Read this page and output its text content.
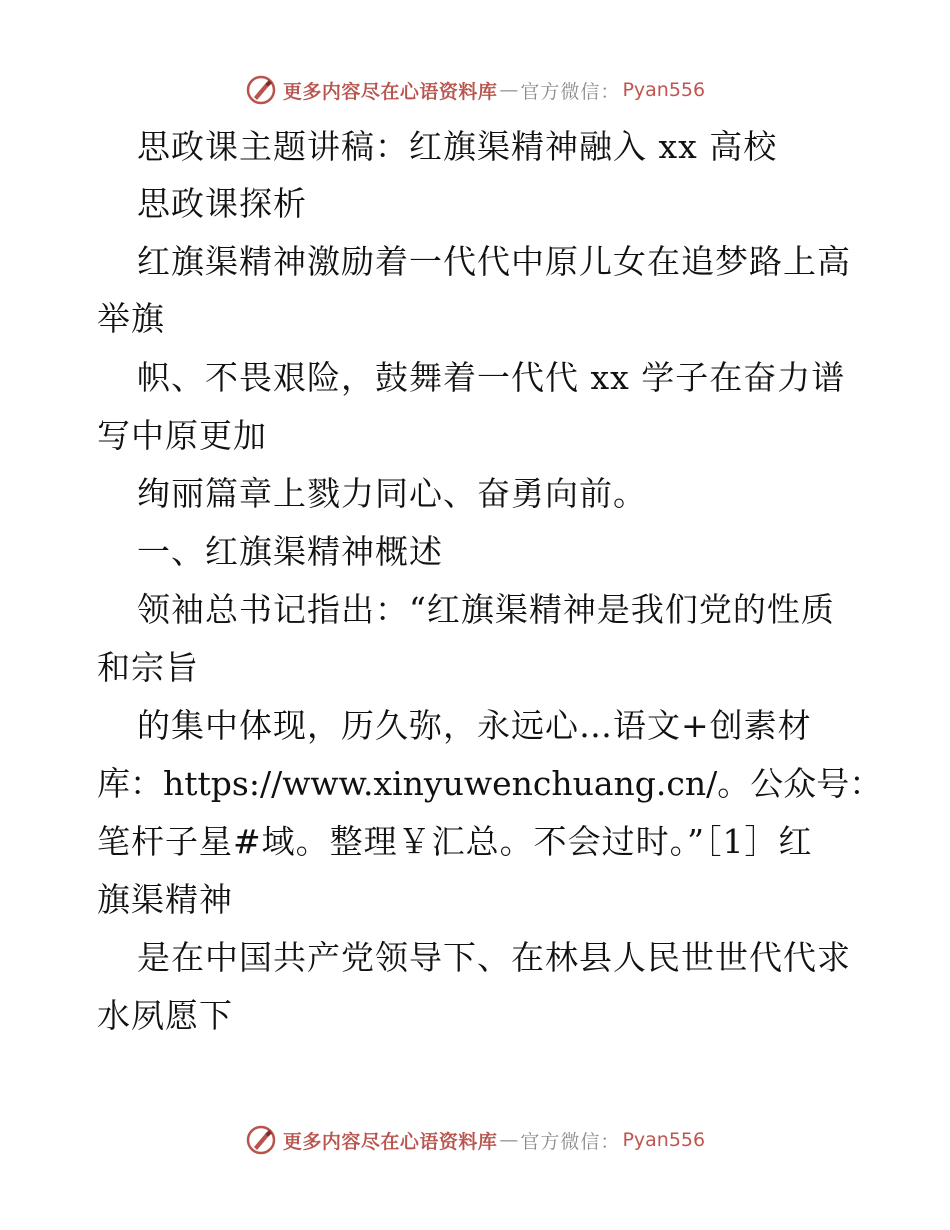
更多内容尽在心语资料库 — 官方微信： Pyan556
思政课主题讲稿：红旗渠精神融入 xx 高校
思政课探析
红旗渠精神激励着一代代中原儿女在追梦路上高
举旗
帜、不畏艰险，鼓舞着一代代 xx 学子在奋力谱
写中原更加
绚丽篇章上戮力同心、奋勇向前。
一、红旗渠精神概述
领袖总书记指出：“红旗渠精神是我们党的性质
和宗旨
的集中体现，历久弥，永远心…语文+创素材
库：https://www.xinyuwenchuang.cn/。公众号：
笔杆子星#域。整理￥汇总。不会过时。”［1］红
旗渠精神
是在中国共产党领导下、在林县人民世世代代求
水夙愿下
更多内容尽在心语资料库 — 官方微信： Pyan556
